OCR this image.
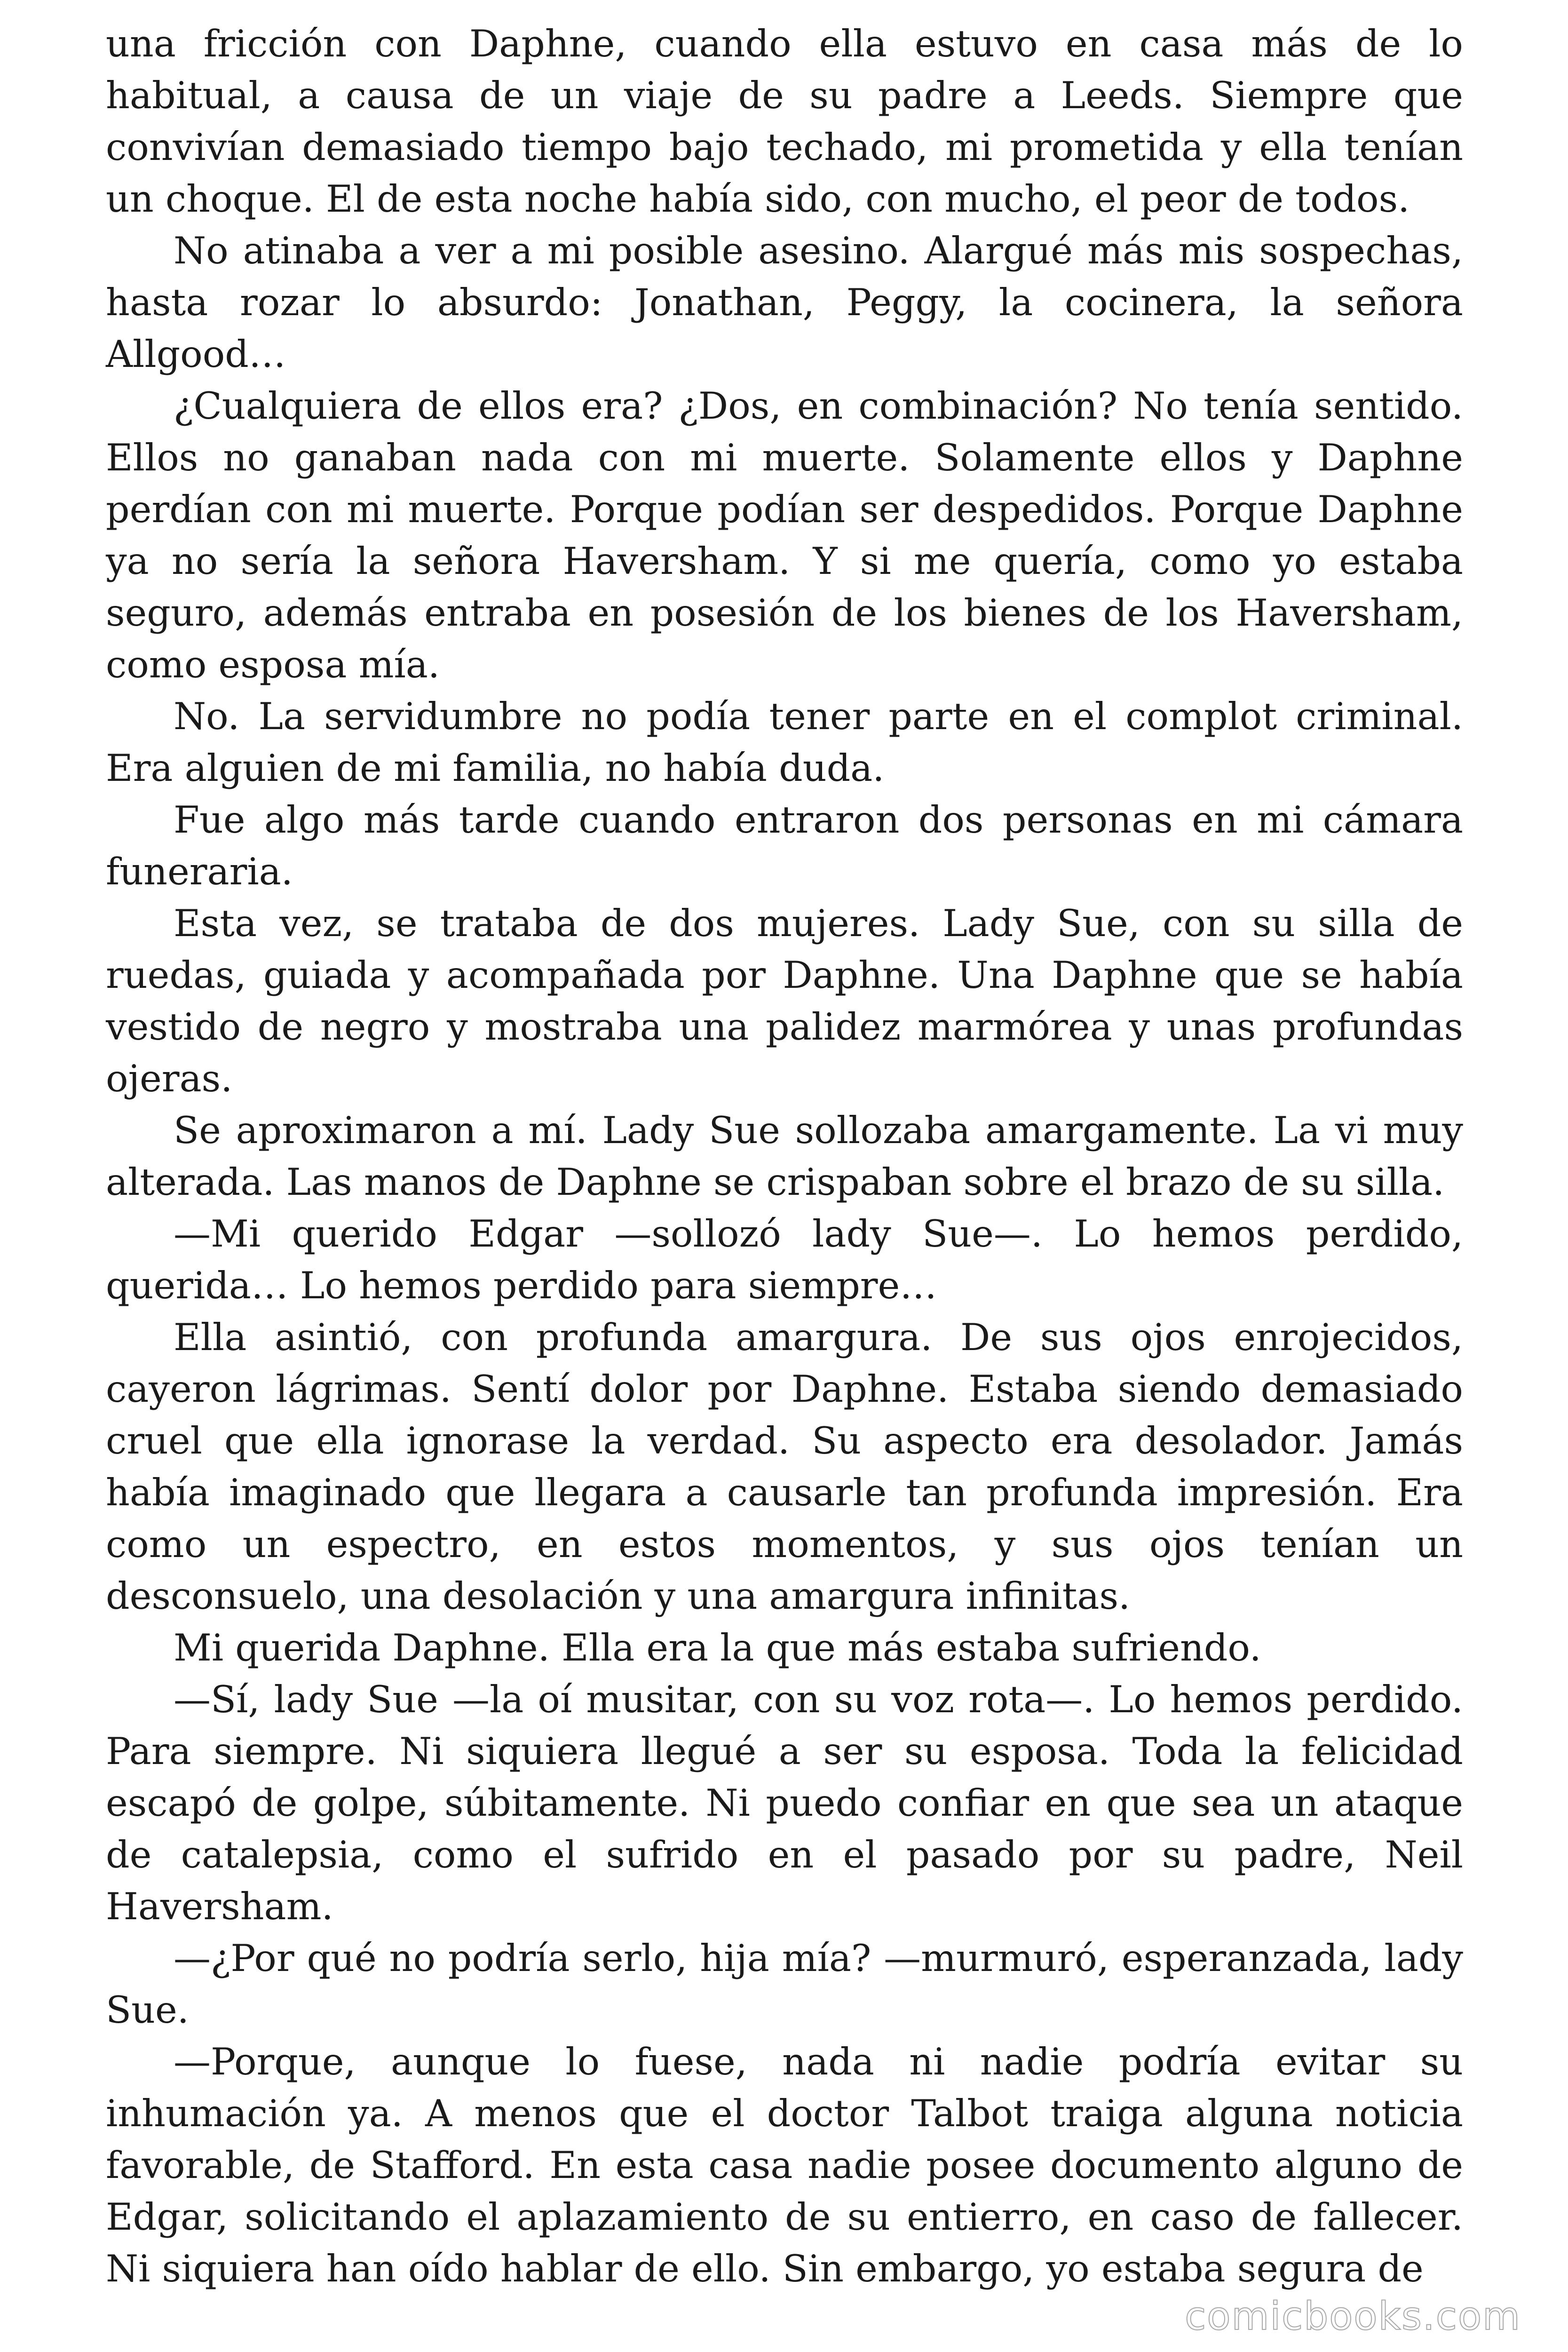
una fricción con Daphne, cuando ella estuvo en casa más de lo habitual, a causa de un viaje de su padre a Leeds. Siempre que convivían demasiado tiempo bajo techado, mi prometida y ella tenían un choque. El de esta noche había sido, con mucho, el peor de todos.

No atinaba a ver a mi posible asesino. Alargué más mis sospechas, hasta rozar lo absurdo: Jonathan, Peggy, la cocinera, la señora Allgood…

¿Cualquiera de ellos era? ¿Dos, en combinación? No tenía sentido. Ellos no ganaban nada con mi muerte. Solamente ellos y Daphne perdían con mi muerte. Porque podían ser despedidos. Porque Daphne ya no sería la señora Haversham. Y si me quería, como yo estaba seguro, además entraba en posesión de los bienes de los Haversham, como esposa mía.

No. La servidumbre no podía tener parte en el complot criminal. Era alguien de mi familia, no había duda.

Fue algo más tarde cuando entraron dos personas en mi cámara funeraria.

Esta vez, se trataba de dos mujeres. Lady Sue, con su silla de ruedas, guiada y acompañada por Daphne. Una Daphne que se había vestido de negro y mostraba una palidez marmórea y unas profundas ojeras.

Se aproximaron a mí. Lady Sue sollozaba amargamente. La vi muy alterada. Las manos de Daphne se crispaban sobre el brazo de su silla.

—Mi querido Edgar —sollozó lady Sue—. Lo hemos perdido, querida… Lo hemos perdido para siempre…

Ella asintió, con profunda amargura. De sus ojos enrojecidos, cayeron lágrimas. Sentí dolor por Daphne. Estaba siendo demasiado cruel que ella ignorase la verdad. Su aspecto era desolador. Jamás había imaginado que llegara a causarle tan profunda impresión. Era como un espectro, en estos momentos, y sus ojos tenían un desconsuelo, una desolación y una amargura infinitas.

Mi querida Daphne. Ella era la que más estaba sufriendo.

—Sí, lady Sue —la oí musitar, con su voz rota—. Lo hemos perdido. Para siempre. Ni siquiera llegué a ser su esposa. Toda la felicidad escapó de golpe, súbitamente. Ni puedo confiar en que sea un ataque de catalepsia, como el sufrido en el pasado por su padre, Neil Haversham.

—¿Por qué no podría serlo, hija mía? —murmuró, esperanzada, lady Sue.

—Porque, aunque lo fuese, nada ni nadie podría evitar su inhumación ya. A menos que el doctor Talbot traiga alguna noticia favorable, de Stafford. En esta casa nadie posee documento alguno de Edgar, solicitando el aplazamiento de su entierro, en caso de fallecer. Ni siquiera han oído hablar de ello. Sin embargo, yo estaba segura de

comicbooks.com
